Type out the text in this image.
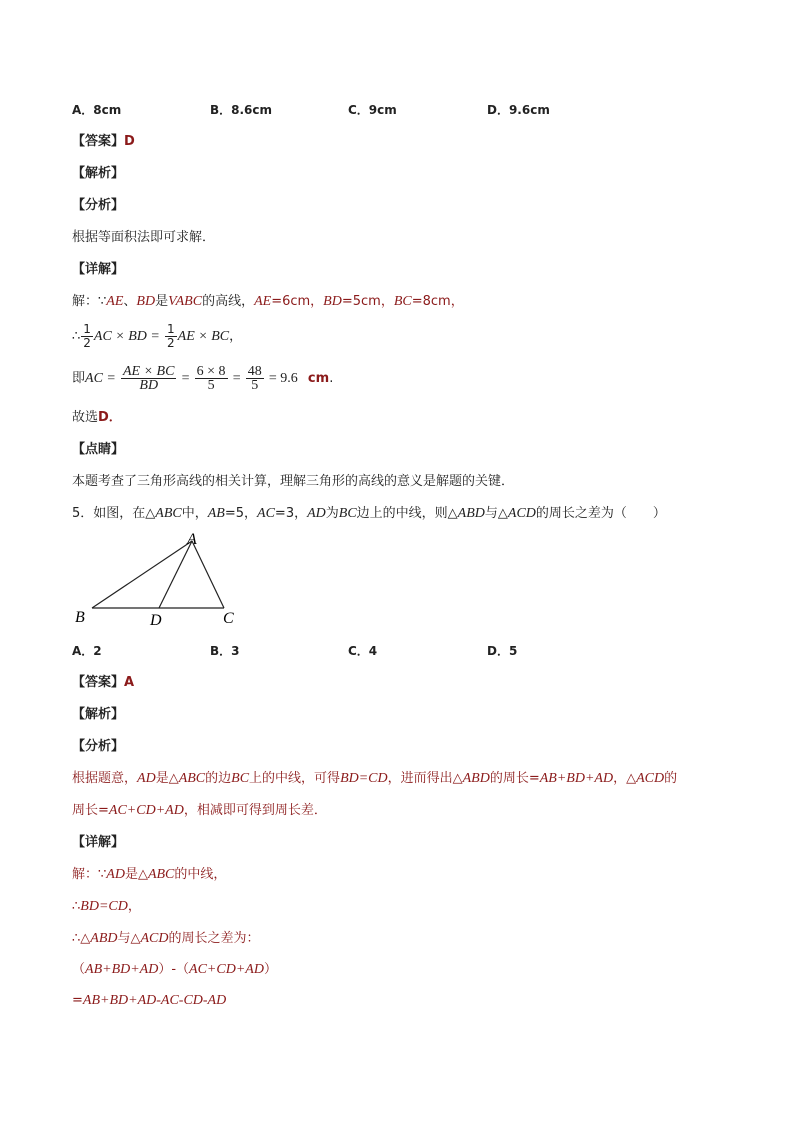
A．8cm	B．8.6cm	C．9cm	D．9.6cm
【答案】D
【解析】
【分析】
根据等面积法即可求解．
【详解】
解：∵AE、BD是VABC的高线，AE=6cm，BD=5cm，BC=8cm，
∴ $\frac{1}{2}$ AC × BD = $\frac{1}{2}$ AE × BC，
即AC = $\frac{AE \times BC}{BD} = \frac{6 \times 8}{5} = \frac{48}{5} = 9.6$ cm.
故选D．
【点睛】
本题考查了三角形高线的相关计算，理解三角形的高线的意义是解题的关键．
5．如图，在△ABC中，AB=5，AC=3，AD为BC边上的中线，则△ABD与△ACD的周长之差为（　　）
A
B	D	C
A．2	B．3	C．4	D．5
【答案】A
【解析】
【分析】
根据题意，AD是△ABC的边BC上的中线，可得BD=CD，进而得出△ABD的周长=AB+BD+AD，△ACD的
周长=AC+CD+AD，相减即可得到周长差．
【详解】
解：∵AD是△ABC的中线，
∴BD=CD，
∴△ABD与△ACD的周长之差为：
（AB+BD+AD）-（AC+CD+AD）
=AB+BD+AD-AC-CD-AD
